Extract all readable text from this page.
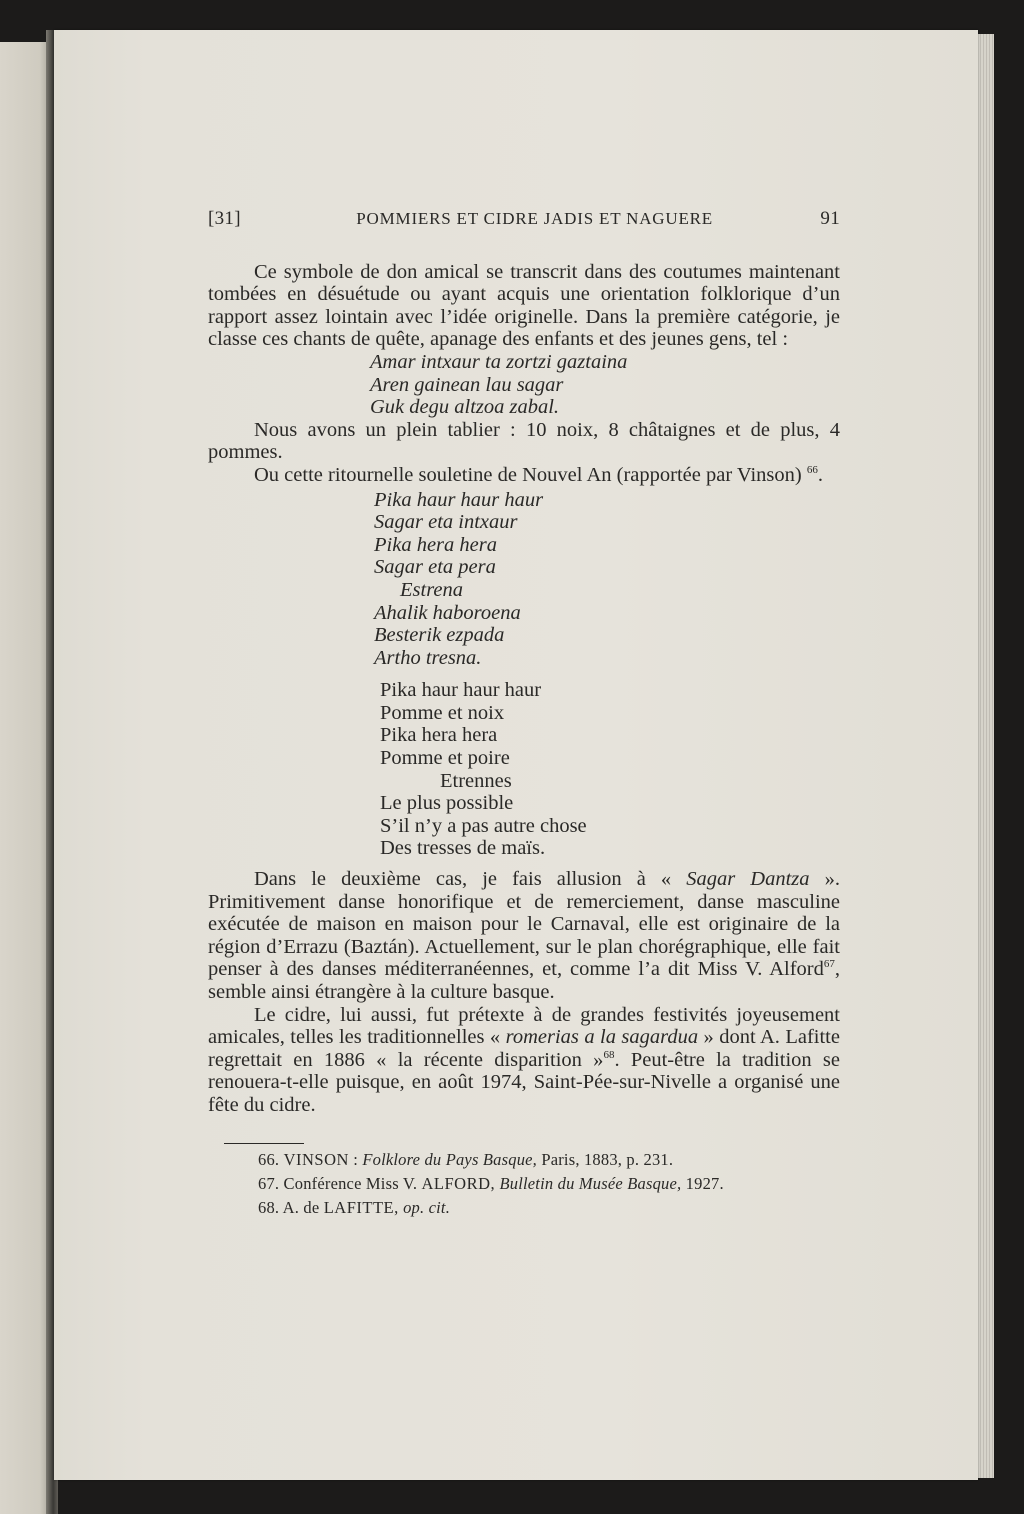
[31]	POMMIERS ET CIDRE JADIS ET NAGUERE	91

Ce symbole de don amical se transcrit dans des coutumes maintenant tombées en désuétude ou ayant acquis une orientation folklorique d’un rapport assez lointain avec l’idée originelle. Dans la première catégorie, je classe ces chants de quête, apanage des enfants et des jeunes gens, tel :

Amar intxaur ta zortzi gaztaina
Aren gainean lau sagar
Guk degu altzoa zabal.

Nous avons un plein tablier : 10 noix, 8 châtaignes et de plus, 4 pommes.

Ou cette ritournelle souletine de Nouvel An (rapportée par Vinson) $^{66}$.

Pika haur haur haur
Sagar eta intxaur
Pika hera hera
Sagar eta pera
Estrena
Ahalik haboroena
Besterik ezpada
Artho tresna.
Pika haur haur haur
Pomme et noix
Pika hera hera
Pomme et poire
Etrennes
Le plus possible
S’il n’y a pas autre chose
Des tresses de maïs.

Dans le deuxième cas, je fais allusion à « Sagar Dantza ». Primitivement danse honorifique et de remerciement, danse masculine exécutée de maison en maison pour le Carnaval, elle est originaire de la région d’Errazu (Baztán). Actuellement, sur le plan chorégraphique, elle fait penser à des danses méditerranéennes, et, comme l’a dit Miss V. Alford$^{67}$, semble ainsi étrangère à la culture basque.

Le cidre, lui aussi, fut prétexte à de grandes festivités joyeusement amicales, telles les traditionnelles « romerias a la sagardua » dont A. Lafitte regrettait en 1886 « la récente disparition »$^{68}$. Peut-être la tradition se renouera-t-elle puisque, en août 1974, Saint-Pée-sur-Nivelle a organisé une fête du cidre.

66. VINSON : Folklore du Pays Basque, Paris, 1883, p. 231.
67. Conférence Miss V. ALFORD, Bulletin du Musée Basque, 1927.
68. A. de LAFITTE, op. cit.
